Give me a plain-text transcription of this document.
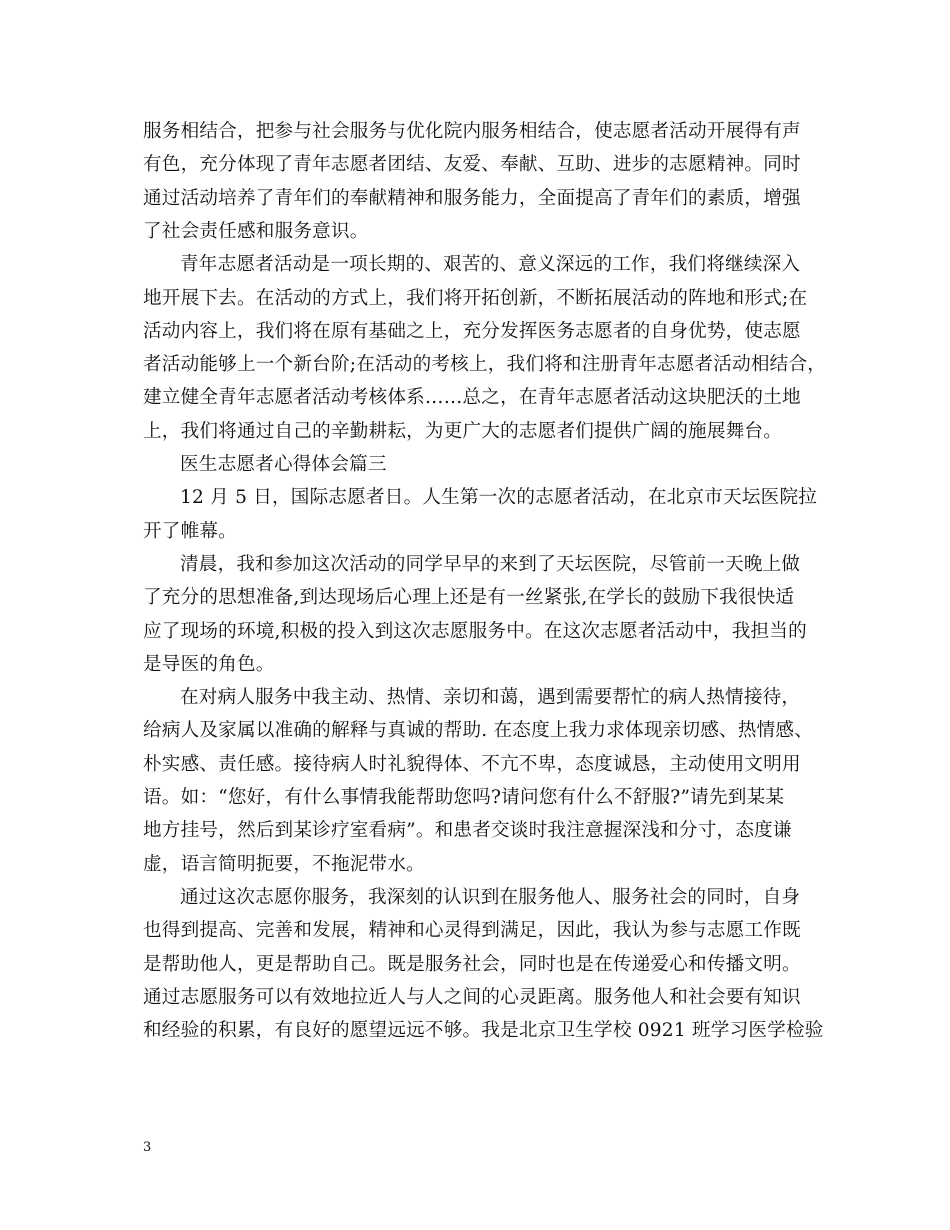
服务相结合，把参与社会服务与优化院内服务相结合，使志愿者活动开展得有声
有色，充分体现了青年志愿者团结、友爱、奉献、互助、进步的志愿精神。同时
通过活动培养了青年们的奉献精神和服务能力，全面提高了青年们的素质，增强
了社会责任感和服务意识。
青年志愿者活动是一项长期的、艰苦的、意义深远的工作，我们将继续深入
地开展下去。在活动的方式上，我们将开拓创新，不断拓展活动的阵地和形式;在
活动内容上，我们将在原有基础之上，充分发挥医务志愿者的自身优势，使志愿
者活动能够上一个新台阶;在活动的考核上，我们将和注册青年志愿者活动相结合，
建立健全青年志愿者活动考核体系……总之，在青年志愿者活动这块肥沃的土地
上，我们将通过自己的辛勤耕耘，为更广大的志愿者们提供广阔的施展舞台。
医生志愿者心得体会篇三
12 月 5 日，国际志愿者日。人生第一次的志愿者活动，在北京市天坛医院拉
开了帷幕。
清晨，我和参加这次活动的同学早早的来到了天坛医院，尽管前一天晚上做
了充分的思想准备,到达现场后心理上还是有一丝紧张,在学长的鼓励下我很快适
应了现场的环境,积极的投入到这次志愿服务中。在这次志愿者活动中，我担当的
是导医的角色。
在对病人服务中我主动、热情、亲切和蔼，遇到需要帮忙的病人热情接待，
给病人及家属以准确的解释与真诚的帮助. 在态度上我力求体现亲切感、热情感、
朴实感、责任感。接待病人时礼貌得体、不亢不卑，态度诚恳，主动使用文明用
语。如：“您好，有什么事情我能帮助您吗?请问您有什么不舒服?”请先到某某
地方挂号，然后到某诊疗室看病”。和患者交谈时我注意握深浅和分寸，态度谦
虚，语言简明扼要，不拖泥带水。
通过这次志愿你服务，我深刻的认识到在服务他人、服务社会的同时，自身
也得到提高、完善和发展，精神和心灵得到满足，因此，我认为参与志愿工作既
是帮助他人，更是帮助自己。既是服务社会，同时也是在传递爱心和传播文明。
通过志愿服务可以有效地拉近人与人之间的心灵距离。服务他人和社会要有知识
和经验的积累，有良好的愿望远远不够。我是北京卫生学校 0921 班学习医学检验
3
